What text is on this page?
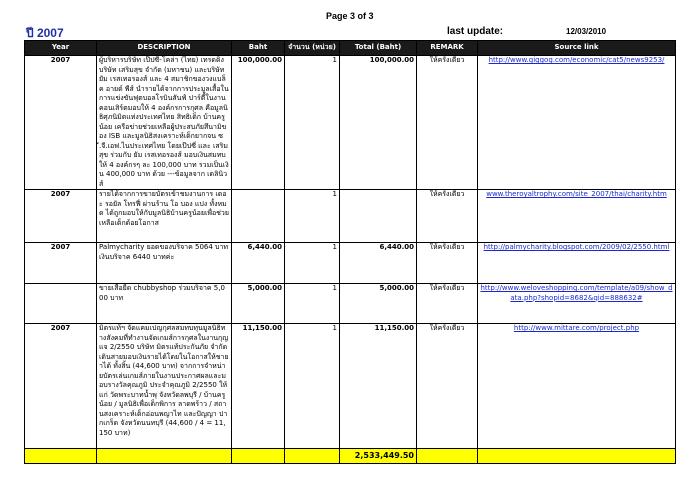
Page 3 of 3
ปี 2007	last update:	12/03/2010
Year	DESCRIPTION	Baht	จำนวน (หน่วย)	Total (Baht)	REMARK	Source link
2007	ผู้บริหารบริษัท เป๊ปซี่-โคล่า (ไทย) เทรดดิ้ง บริษัท เสริมสุข จำกัด (มหาชน) และบริษัท ยัม เรสเทอรองส์ และ 4 สมาชิกของวงแบล็ค อายด์ พีส์ นำรายได้จากการประมูลเสื้อในการแข่งขันฟุตบอลโรบินสันฟ์ ปาร์ตี้ในงานคอนเสิร์ตมอบให้ 4 องค์กรการกุศล คือมูลนิธิศุภนิมิตแห่งประเทศไทย สิทธิเด็ก บ้านครูน้อย เครือข่ายช่วยเหลือผู้ประสบภัยสึนามิของ ISB และมูลนิธิสงเคราะห์เด็กยากจน ซี.จี.เอฟ.ไนประเทศไทย โดยเป๊ปซี่ และ เสริมสุข ร่วมกับ ยัม เรสเทอรองส์ มอบเงินสมทบให้ 4 องค์กรๆ ละ 100,000 บาท รวมเป็นเงิน 400,000 บาท ด้วย ---ข้อมูลจาก เดลินิวส์	100,000.00	1	100,000.00	ให้ครั้งเดียว	http://www.giggog.com/economic/cat5/news9253/
2007	รายได้จากการขายบัตรเข้าชมงานการ เดอะ รอยัล โทรฟี่ ผ่านร้าน โอ บอง แปง ทั้งหมด ได้ถูกมอบให้กับมูลนิธิบ้านครูน้อยเพื่อช่วยเหลือเด็กด้อยโอกาส		1		ให้ครั้งเดียว	www.theroyaltrophy.com/site_2007/thai/charity.htm
2007	Palmycharity ยอดของบริจาค 5064 บาท เงินบริจาค 6440 บาทค่ะ	6,440.00	1	6,440.00	ให้ครั้งเดียว	http://palmycharity.blogspot.com/2009/02/2550.html
	ขายเสื้อยืด chubbyshop ร่วมบริจาค 5,000 บาท	5,000.00	1	5,000.00	ให้ครั้งเดียว	http://www.weloveshopping.com/template/a09/show_data.php?shopid=8682&qid=888632#
2007	มิตรแท้ฯ จัดแคมเปญกุศลสมทบทุนมูลนิธิทางสังคมที่ทำงานจัดเกมส์การกุศลในงานกุญแจ 2/2550 บริษัท มิตรแท้ประกันภัย จำกัด เดินสายมอบเงินรายได้โดยในโอกาสให้ชายาได้ ทั้งสิ้น (44,600 บาท) จากการจำหน่ายบัตรเล่นเกมส์ภายในงานประกาศผลและมอบรางวัลคุณภูมิ ประจำคุณภูมิ 2/2550 ให้แก่ วัดพระบาทน้ำพุ จังหวัดลพบุรี / บ้านครูน้อย / มูลนิธิเพื่อเด็กพิการ ลาดพร้าว / สถานสงเคราะห์เด็กอ่อนพญาไท และปัญญา ปากเกร็ด จังหวัดนนทบุรี (44,600 / 4 = 11,150 บาท)	11,150.00	1	11,150.00	ให้ครั้งเดียว	http://www.mittare.com/project.php
				2,533,449.50		
